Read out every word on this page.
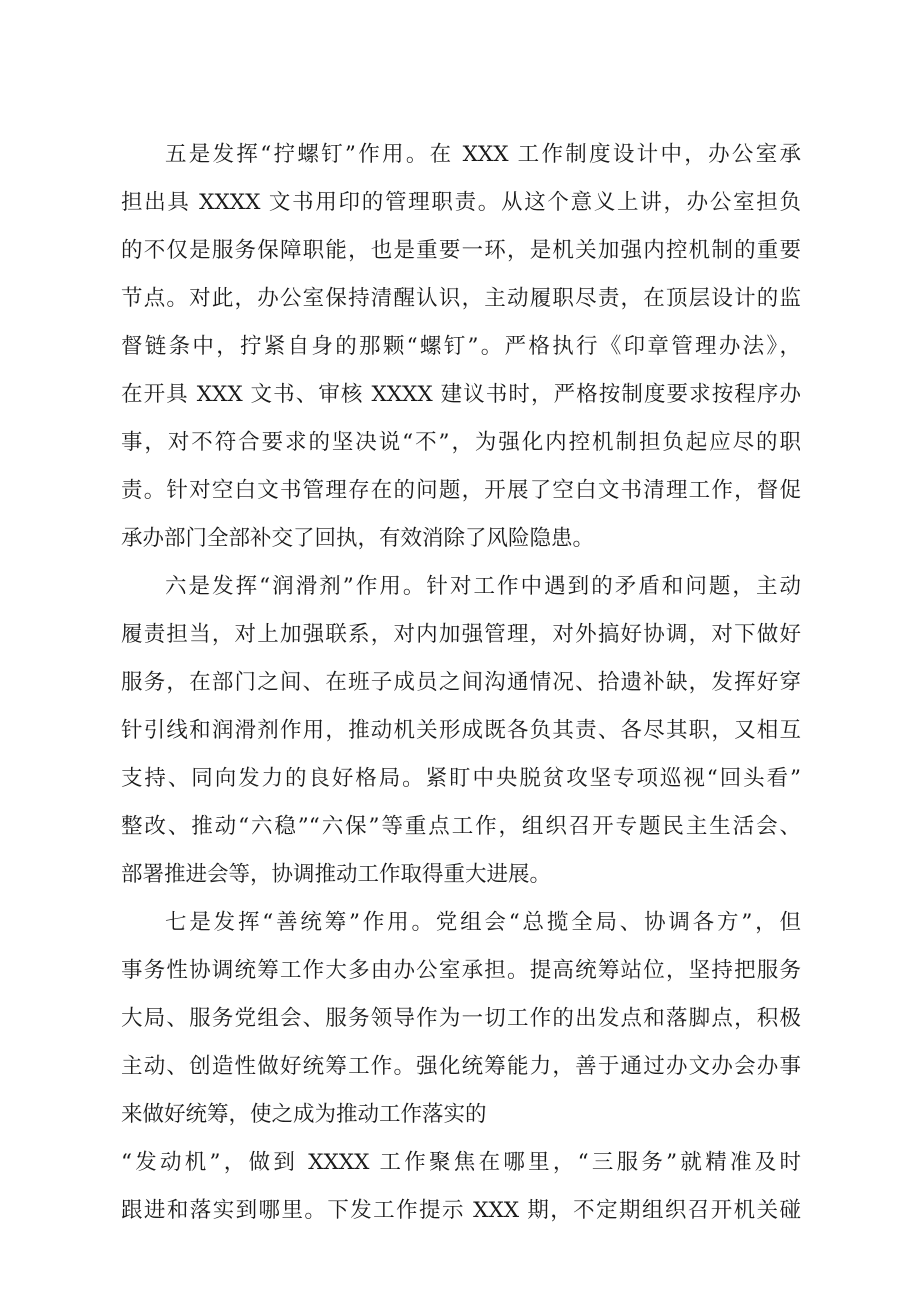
五是发挥“拧螺钉”作用。在 XXX 工作制度设计中，办公室承
担出具 XXXX 文书用印的管理职责。从这个意义上讲，办公室担负
的不仅是服务保障职能，也是重要一环，是机关加强内控机制的重要
节点。对此，办公室保持清醒认识，主动履职尽责，在顶层设计的监
督链条中，拧紧自身的那颗“螺钉”。严格执行《印章管理办法》，
在开具 XXX 文书、审核 XXXX 建议书时，严格按制度要求按程序办
事，对不符合要求的坚决说“不”，为强化内控机制担负起应尽的职
责。针对空白文书管理存在的问题，开展了空白文书清理工作，督促
承办部门全部补交了回执，有效消除了风险隐患。
六是发挥“润滑剂”作用。针对工作中遇到的矛盾和问题，主动
履责担当，对上加强联系，对内加强管理，对外搞好协调，对下做好
服务，在部门之间、在班子成员之间沟通情况、拾遗补缺，发挥好穿
针引线和润滑剂作用，推动机关形成既各负其责、各尽其职，又相互
支持、同向发力的良好格局。紧盯中央脱贫攻坚专项巡视“回头看”
整改、推动“六稳”“六保”等重点工作，组织召开专题民主生活会、
部署推进会等，协调推动工作取得重大进展。
七是发挥“善统筹”作用。党组会“总揽全局、协调各方”，但
事务性协调统筹工作大多由办公室承担。提高统筹站位，坚持把服务
大局、服务党组会、服务领导作为一切工作的出发点和落脚点，积极
主动、创造性做好统筹工作。强化统筹能力，善于通过办文办会办事
来做好统筹，使之成为推动工作落实的
“发动机”，做到 XXXX 工作聚焦在哪里，“三服务”就精准及时
跟进和落实到哪里。下发工作提示 XXX 期，不定期组织召开机关碰
